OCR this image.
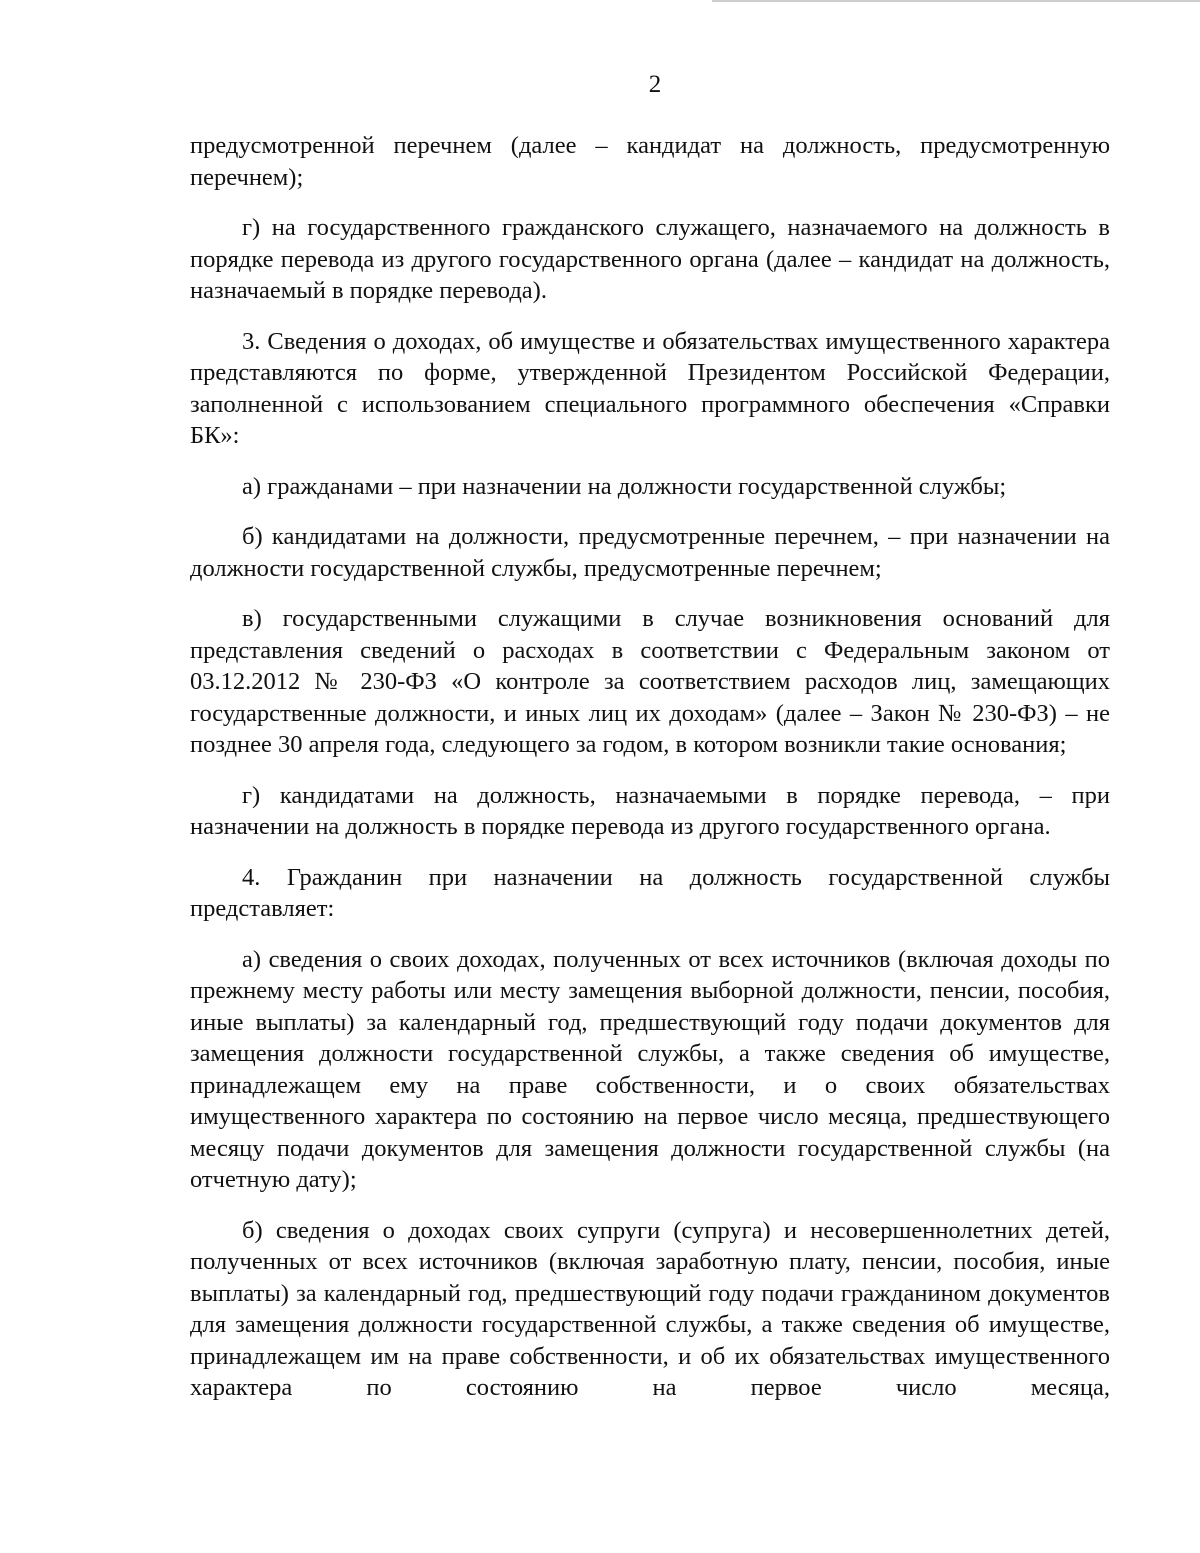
2

предусмотренной перечнем (далее – кандидат на должность, предусмотренную перечнем);

г) на государственного гражданского служащего, назначаемого на должность в порядке перевода из другого государственного органа (далее – кандидат на должность, назначаемый в порядке перевода).

3. Сведения о доходах, об имуществе и обязательствах имущественного характера представляются по форме, утвержденной Президентом Российской Федерации, заполненной с использованием специального программного обеспечения «Справки БК»:

а) гражданами – при назначении на должности государственной службы;

б) кандидатами на должности, предусмотренные перечнем, – при назначении на должности государственной службы, предусмотренные перечнем;

в) государственными служащими в случае возникновения оснований для представления сведений о расходах в соответствии с Федеральным законом от 03.12.2012 № 230-ФЗ «О контроле за соответствием расходов лиц, замещающих государственные должности, и иных лиц их доходам» (далее – Закон № 230-ФЗ) – не позднее 30 апреля года, следующего за годом, в котором возникли такие основания;

г) кандидатами на должность, назначаемыми в порядке перевода, – при назначении на должность в порядке перевода из другого государственного органа.

4. Гражданин при назначении на должность государственной службы представляет:

а) сведения о своих доходах, полученных от всех источников (включая доходы по прежнему месту работы или месту замещения выборной должности, пенсии, пособия, иные выплаты) за календарный год, предшествующий году подачи документов для замещения должности государственной службы, а также сведения об имуществе, принадлежащем ему на праве собственности, и о своих обязательствах имущественного характера по состоянию на первое число месяца, предшествующего месяцу подачи документов для замещения должности государственной службы (на отчетную дату);

б) сведения о доходах своих супруги (супруга) и несовершеннолетних детей, полученных от всех источников (включая заработную плату, пенсии, пособия, иные выплаты) за календарный год, предшествующий году подачи гражданином документов для замещения должности государственной службы, а также сведения об имуществе, принадлежащем им на праве собственности, и об их обязательствах имущественного характера по состоянию на первое число месяца,
